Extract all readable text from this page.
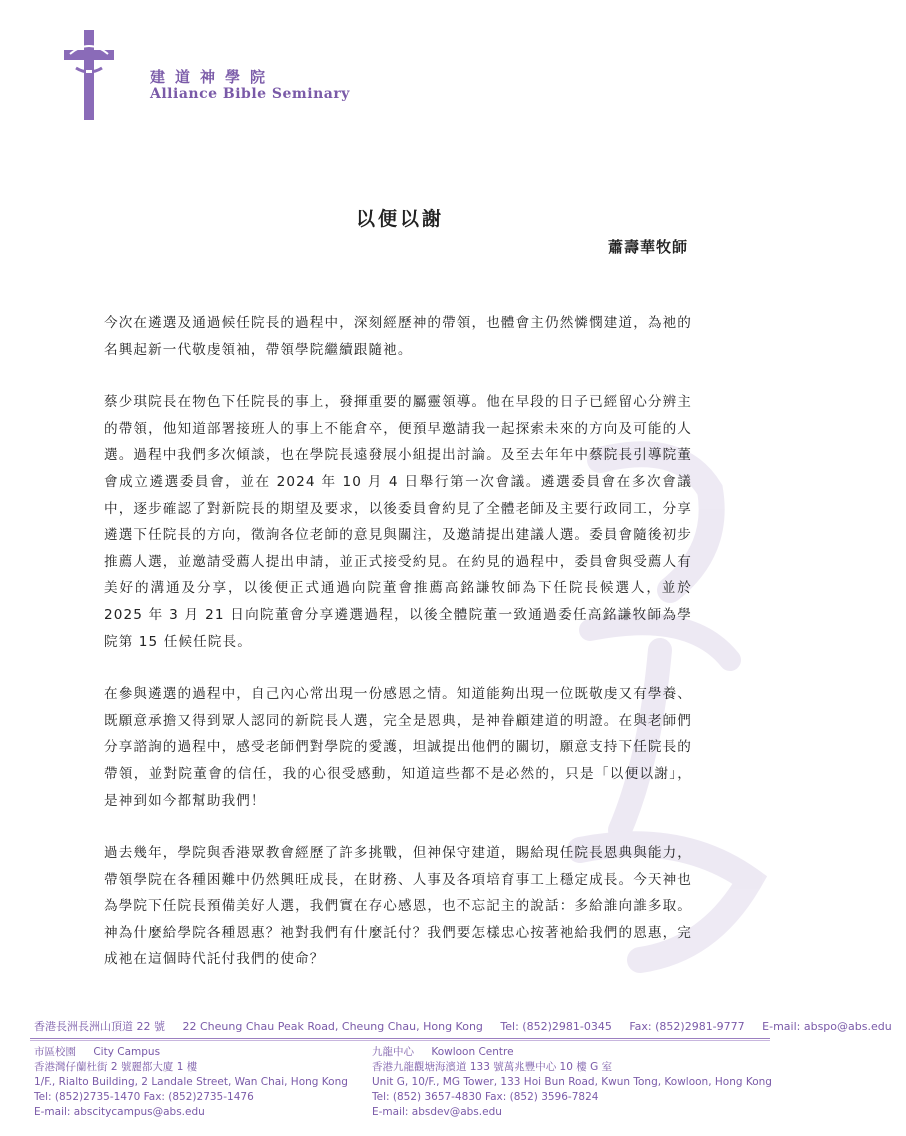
建道神學院
Alliance Bible Seminary
以便以謝
蕭壽華牧師

今次在遴選及通過候任院長的過程中，深刻經歷神的帶領，也體會主仍然憐憫建道，為祂的名興起新一代敬虔領袖，帶領學院繼續跟隨祂。

蔡少琪院長在物色下任院長的事上，發揮重要的屬靈領導。他在早段的日子已經留心分辨主的帶領，他知道部署接班人的事上不能倉卒，便預早邀請我一起探索未來的方向及可能的人選。過程中我們多次傾談，也在學院長遠發展小組提出討論。及至去年年中蔡院長引導院董會成立遴選委員會，並在 2024 年 10 月 4 日舉行第一次會議。遴選委員會在多次會議中，逐步確認了對新院長的期望及要求，以後委員會約見了全體老師及主要行政同工，分享遴選下任院長的方向，徵詢各位老師的意見與關注，及邀請提出建議人選。委員會隨後初步推薦人選，並邀請受薦人提出申請，並正式接受約見。在約見的過程中，委員會與受薦人有美好的溝通及分享，以後便正式通過向院董會推薦高銘謙牧師為下任院長候選人，並於 2025 年 3 月 21 日向院董會分享遴選過程，以後全體院董一致通過委任高銘謙牧師為學院第 15 任候任院長。

在參與遴選的過程中，自己內心常出現一份感恩之情。知道能夠出現一位既敬虔又有學養、既願意承擔又得到眾人認同的新院長人選，完全是恩典，是神眷顧建道的明證。在與老師們分享諮詢的過程中，感受老師們對學院的愛護，坦誠提出他們的關切，願意支持下任院長的帶領，並對院董會的信任，我的心很受感動，知道這些都不是必然的，只是「以便以謝」，是神到如今都幫助我們！

過去幾年，學院與香港眾教會經歷了許多挑戰，但神保守建道，賜給現任院長恩典與能力，帶領學院在各種困難中仍然興旺成長，在財務、人事及各項培育事工上穩定成長。今天神也為學院下任院長預備美好人選，我們實在存心感恩，也不忘記主的說話：多給誰向誰多取。神為什麼給學院各種恩惠？祂對我們有什麼託付？我們要怎樣忠心按著祂給我們的恩惠，完成祂在這個時代託付我們的使命？

香港長洲長洲山頂道 22 號 22 Cheung Chau Peak Road, Cheung Chau, Hong Kong Tel: (852)2981-0345 Fax: (852)2981-9777 E-mail: abspo@abs.edu
市區校園 City Campus
香港灣仔蘭杜街 2 號麗都大廈 1 樓
1/F., Rialto Building, 2 Landale Street, Wan Chai, Hong Kong
Tel: (852)2735-1470 Fax: (852)2735-1476
E-mail: abscitycampus@abs.edu
九龍中心 Kowloon Centre
香港九龍觀塘海濱道 133 號萬兆豐中心 10 樓 G 室
Unit G, 10/F., MG Tower, 133 Hoi Bun Road, Kwun Tong, Kowloon, Hong Kong
Tel: (852) 3657-4830 Fax: (852) 3596-7824
E-mail: absdev@abs.edu
